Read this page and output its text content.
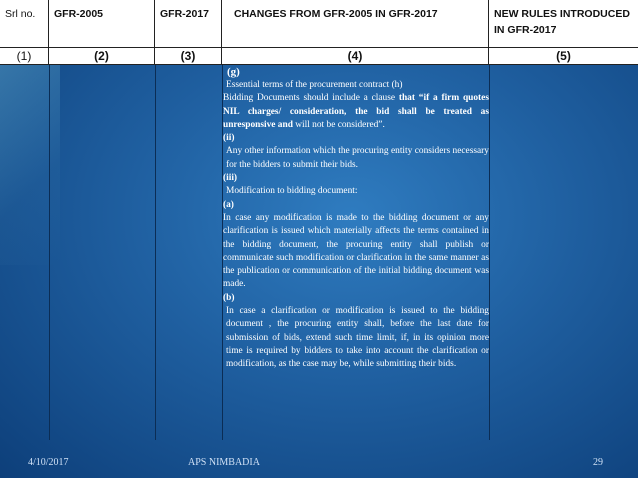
Srl no.	GFR-2005	GFR-2017	CHANGES FROM GFR-2005 IN GFR-2017	NEW RULES INTRODUCED IN GFR-2017
(1)	(2)	(3)	(4)	(5)

(g)

Essential terms of the procurement contract (h)

Bidding Documents should include a clause that “if a firm quotes NIL charges/ consideration, the bid shall be treated as unresponsive and will not be considered”.

(ii)

Any other information which the procuring entity considers necessary for the bidders to submit their bids.

(iii)

Modification to bidding document:

(a)

In case any modification is made to the bidding document or any clarification is issued which materially affects the terms contained in the bidding document, the procuring entity shall publish or communicate such modification or clarification in the same manner as the publication or communication of the initial bidding document was made.

(b)

In case a clarification or modification is issued to the bidding document , the procuring entity shall, before the last date for submission of bids, extend such time limit, if, in its opinion more time is required by bidders to take into account the clarification or modification, as the case may be, while submitting their bids.

4/10/2017	APS NIMBADIA	29
